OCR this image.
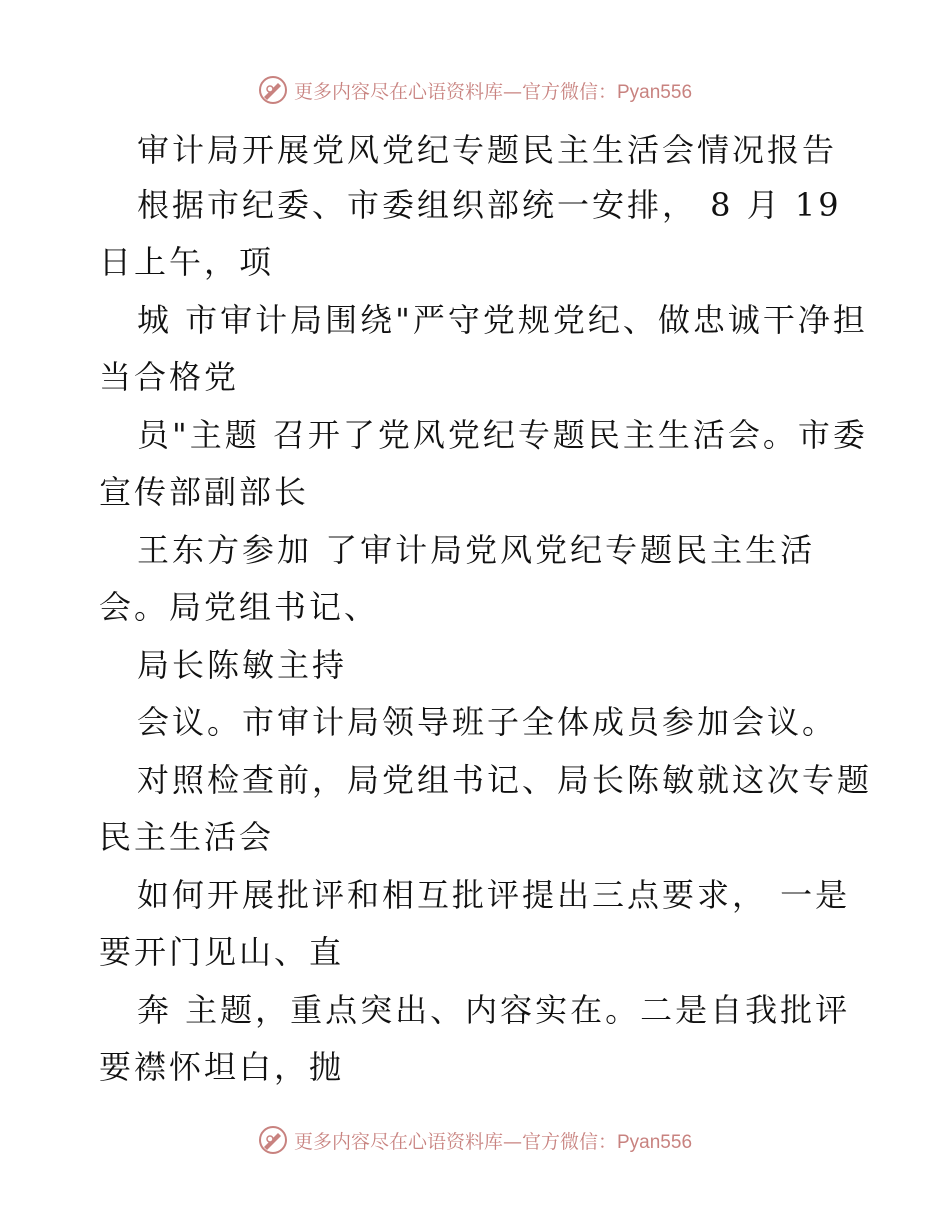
更多内容尽在心语资料库—官方微信：Pyan556
审计局开展党风党纪专题民主生活会情况报告
根据市纪委、市委组织部统一安排， 8 月 19
日上午，项
城 市审计局围绕"严守党规党纪、做忠诚干净担
当合格党
员"主题 召开了党风党纪专题民主生活会。市委
宣传部副部长
王东方参加 了审计局党风党纪专题民主生活
会。局党组书记、
局长陈敏主持
会议。市审计局领导班子全体成员参加会议。
对照检查前，局党组书记、局长陈敏就这次专题
民主生活会
如何开展批评和相互批评提出三点要求， 一是
要开门见山、直
奔 主题，重点突出、内容实在。二是自我批评
要襟怀坦白，抛
更多内容尽在心语资料库—官方微信：Pyan556
